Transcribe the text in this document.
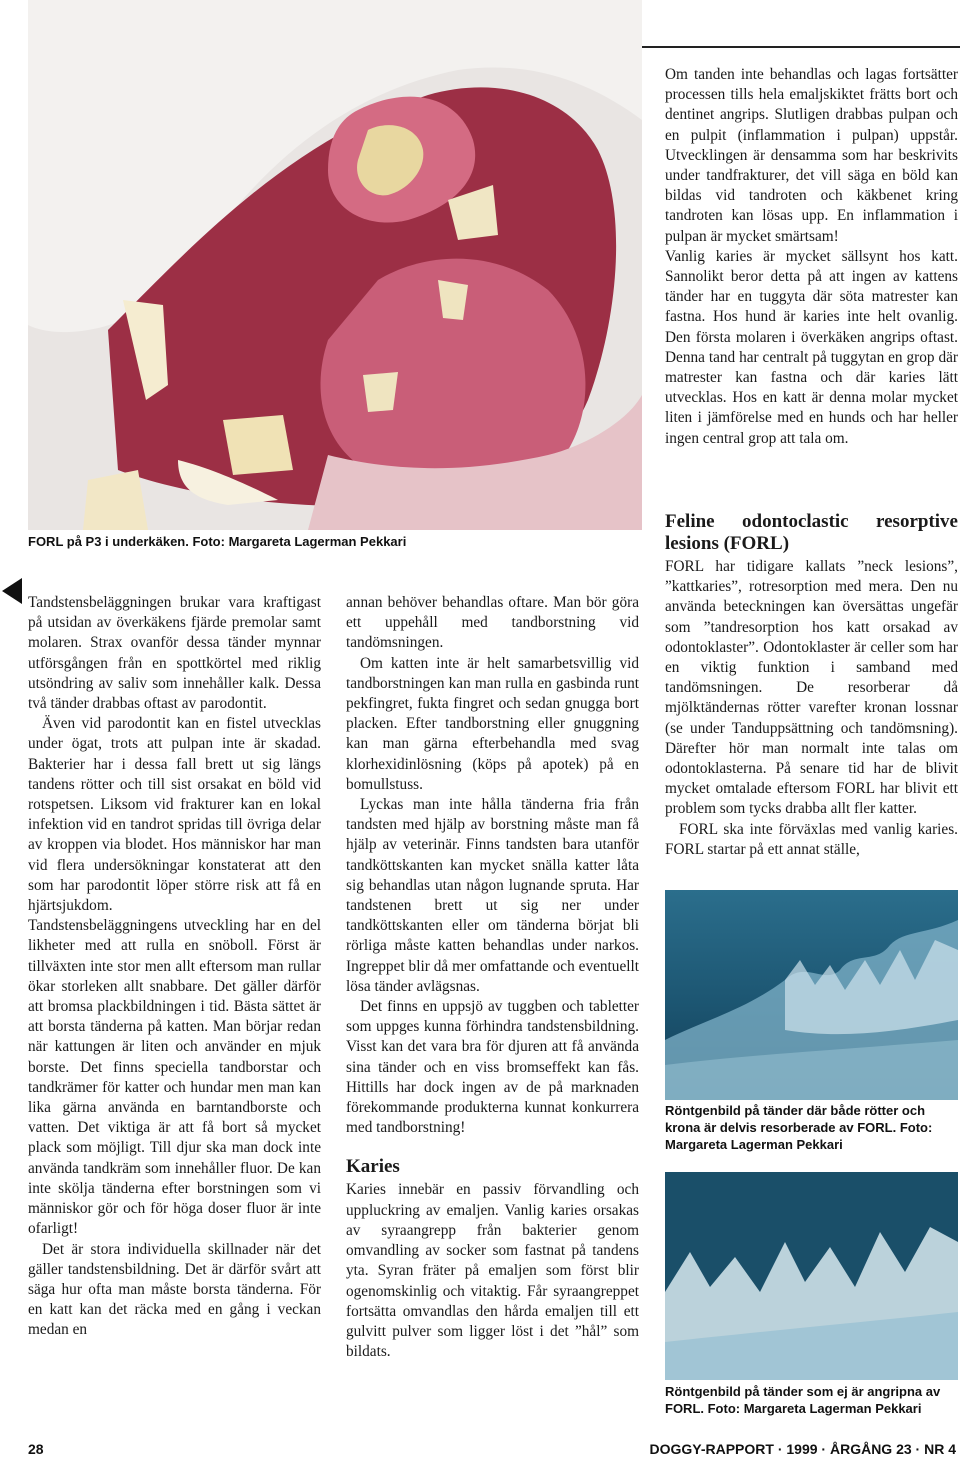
FORL på P3 i underkäken. Foto: Margareta Lagerman Pekkari

Om tanden inte behandlas och lagas fortsätter processen tills hela emaljskiktet frätts bort och dentinet angrips. Slutligen drabbas pulpan och en pulpit (inflammation i pulpan) uppstår. Utvecklingen är densamma som har beskrivits under tandfrakturer, det vill säga en böld kan bildas vid tandroten och käkbenet kring tandroten kan lösas upp. En inflammation i pulpan är mycket smärtsam!

Vanlig karies är mycket sällsynt hos katt. Sannolikt beror detta på att ingen av kattens tänder har en tuggyta där söta matrester kan fastna. Hos hund är karies inte helt ovanlig. Den första molaren i överkäken angrips oftast. Denna tand har centralt på tuggytan en grop där matrester kan fastna och där karies lätt utvecklas. Hos en katt är denna molar mycket liten i jämförelse med en hunds och har heller ingen central grop att tala om.

Tandstensbeläggningen brukar vara kraftigast på utsidan av överkäkens fjärde premolar samt molaren. Strax ovanför dessa tänder mynnar utförsgången från en spottkörtel med riklig utsöndring av saliv som innehåller kalk. Dessa två tänder drabbas oftast av parodontit.

Även vid parodontit kan en fistel utvecklas under ögat, trots att pulpan inte är skadad. Bakterier har i dessa fall brett ut sig längs tandens rötter och till sist orsakat en böld vid rotspetsen. Liksom vid frakturer kan en lokal infektion vid en tandrot spridas till övriga delar av kroppen via blodet. Hos människor har man vid flera undersökningar konstaterat att den som har parodontit löper större risk att få en hjärtsjukdom.

Tandstensbeläggningens utveckling har en del likheter med att rulla en snöboll. Först är tillväxten inte stor men allt eftersom man rullar ökar storleken allt snabbare. Det gäller därför att bromsa plackbildningen i tid. Bästa sättet är att borsta tänderna på katten. Man börjar redan när kattungen är liten och använder en mjuk borste. Det finns speciella tandborstar och tandkrämer för katter och hundar men man kan lika gärna använda en barntandborste och vatten. Det viktiga är att få bort så mycket plack som möjligt. Till djur ska man dock inte använda tandkräm som innehåller fluor. De kan inte skölja tänderna efter borstningen som vi människor gör och för höga doser fluor är inte ofarligt!

Det är stora individuella skillnader när det gäller tandstensbildning. Det är därför svårt att säga hur ofta man måste borsta tänderna. För en katt kan det räcka med en gång i veckan medan en

annan behöver behandlas oftare. Man bör göra ett uppehåll med tandborstning vid tandömsningen.

Om katten inte är helt samarbetsvillig vid tandborstningen kan man rulla en gasbinda runt pekfingret, fukta fingret och sedan gnugga bort placken. Efter tandborstning eller gnuggning kan man gärna efterbehandla med svag klorhexidinlösning (köps på apotek) på en bomullstuss.

Lyckas man inte hålla tänderna fria från tandsten med hjälp av borstning måste man få hjälp av veterinär. Finns tandsten bara utanför tandköttskanten kan mycket snälla katter låta sig behandlas utan någon lugnande spruta. Har tandstenen brett ut sig ner under tandköttskanten eller om tänderna börjat bli rörliga måste katten behandlas under narkos. Ingreppet blir då mer omfattande och eventuellt lösa tänder avlägsnas.

Det finns en uppsjö av tuggben och tabletter som uppges kunna förhindra tandstensbildning. Visst kan det vara bra för djuren att få använda sina tänder och en viss bromseffekt kan fås. Hittills har dock ingen av de på marknaden förekommande produkterna kunnat konkurrera med tandborstning!

Karies

Karies innebär en passiv förvandling och uppluckring av emaljen. Vanlig karies orsakas av syraangrepp från bakterier genom omvandling av socker som fastnat på tandens yta. Syran fräter på emaljen som först blir ogenomskinlig och vitaktig. Får syraangreppet fortsätta omvandlas den hårda emaljen till ett gulvitt pulver som ligger löst i det ”hål” som bildats.

Feline odontoclastic resorptive lesions (FORL)

FORL har tidigare kallats ”neck lesions”, ”kattkaries”, rotresorption med mera. Den nu använda beteckningen kan översättas ungefär som ”tandresorption hos katt orsakad av odontoklaster”. Odontoklaster är celler som har en viktig funktion i samband med tandömsningen. De resorberar då mjölktändernas rötter varefter kronan lossnar (se under Tanduppsättning och tandömsning). Därefter hör man normalt inte talas om odontoklasterna. På senare tid har de blivit mycket omtalade eftersom FORL har blivit ett problem som tycks drabba allt fler katter.

FORL ska inte förväxlas med vanlig karies. FORL startar på ett annat ställe,

Röntgenbild på tänder där både rötter och krona är delvis resorberade av FORL. Foto: Margareta Lagerman Pekkari
Röntgenbild på tänder som ej är angripna av FORL. Foto: Margareta Lagerman Pekkari
28	DOGGY-RAPPORT · 1999 · ÅRGÅNG 23 · NR 4
